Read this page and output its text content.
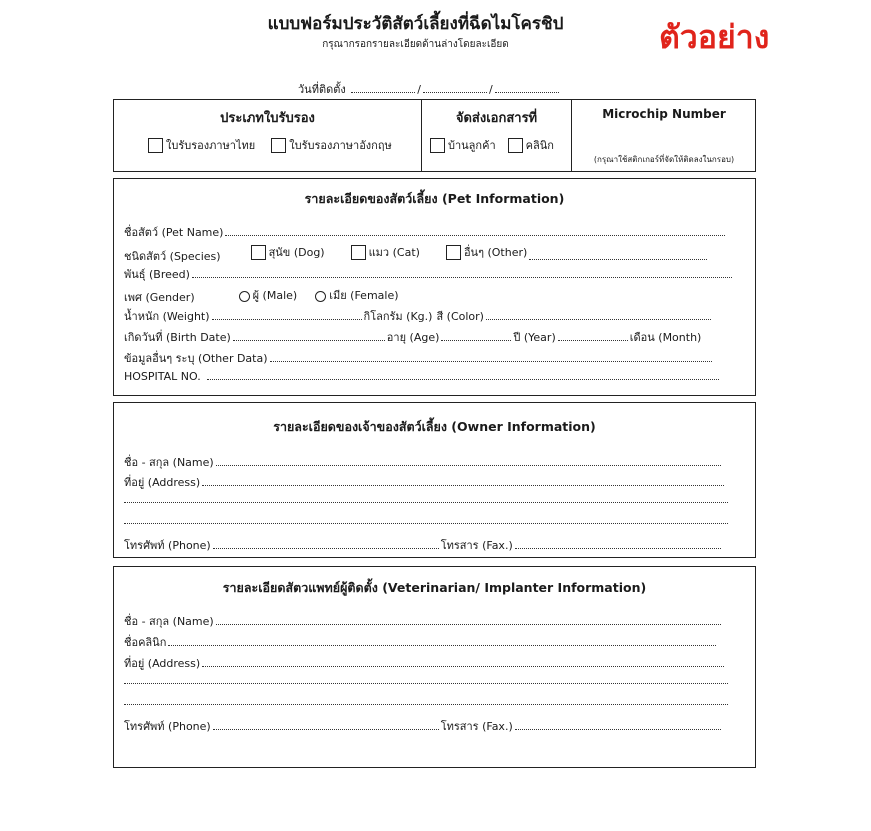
แบบฟอร์มประวัติสัตว์เลี้ยงที่ฉีดไมโครชิป
กรุณากรอกรายละเอียดด้านล่างโดยละเอียด	ตัวอย่าง
วันที่ติดตั้ง	/	/
ประเภทใบรับรอง
ใบรับรองภาษาไทย	ใบรับรองภาษาอังกฤษ
จัดส่งเอกสารที่
บ้านลูกค้า	คลินิก
Microchip Number
(กรุณาใช้สติกเกอร์ที่จัดให้ติดลงในกรอบ)
รายละเอียดของสัตว์เลี้ยง (Pet Information)
ชื่อสัตว์ (Pet Name)
ชนิดสัตว์ (Species)	สุนัข (Dog)	แมว (Cat)	อื่นๆ (Other)
พันธุ์ (Breed)
เพศ (Gender)	ผู้ (Male)	เมีย (Female)
น้ำหนัก (Weight)	กิโลกรัม (Kg.) สี (Color)
เกิดวันที่ (Birth Date)	อายุ (Age)	ปี (Year)	เดือน (Month)
ข้อมูลอื่นๆ ระบุ (Other Data)
HOSPITAL NO.
รายละเอียดของเจ้าของสัตว์เลี้ยง (Owner Information)
ชื่อ - สกุล (Name)
ที่อยู่ (Address)
โทรศัพท์ (Phone)	โทรสาร (Fax.)
รายละเอียดสัตวแพทย์ผู้ติดตั้ง (Veterinarian/ Implanter Information)
ชื่อ - สกุล (Name)
ชื่อคลินิก
ที่อยู่ (Address)
โทรศัพท์ (Phone)	โทรสาร (Fax.)
